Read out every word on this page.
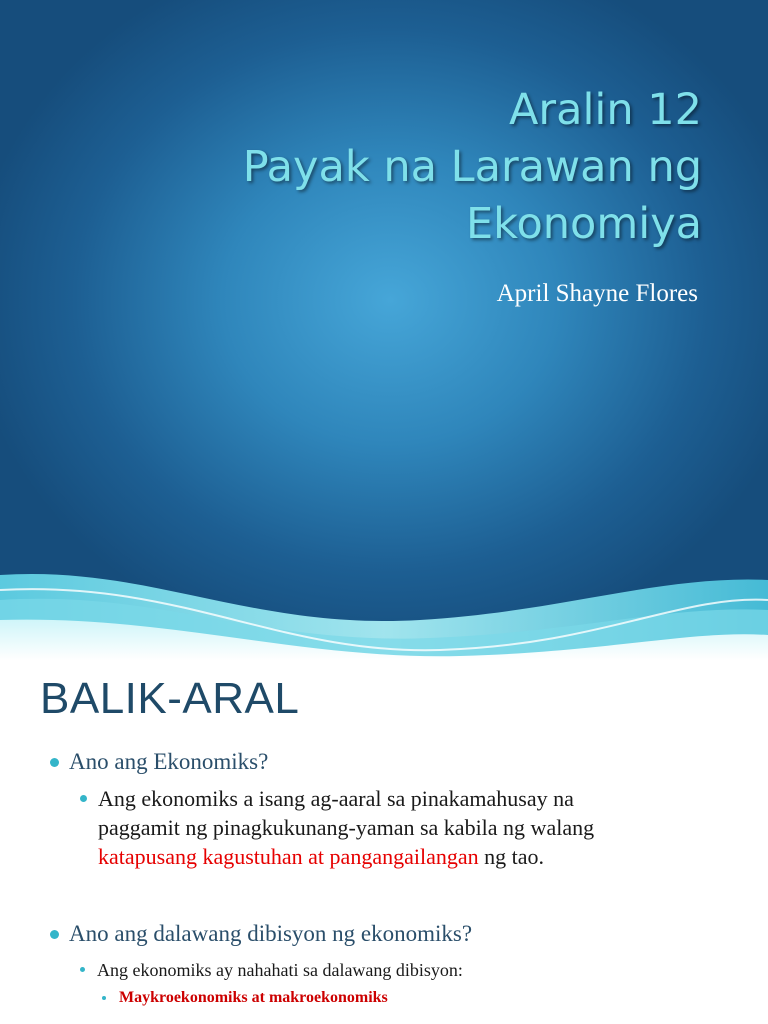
Aralin 12
Payak na Larawan ng
Ekonomiya
April Shayne Flores
BALIK-ARAL
Ano ang Ekonomiks?
Ang ekonomiks a isang ag-aaral sa pinakamahusay na
paggamit ng pinagkukunang-yaman sa kabila ng walang
katapusang kagustuhan at pangangailangan ng tao.
Ano ang dalawang dibisyon ng ekonomiks?
Ang ekonomiks ay nahahati sa dalawang dibisyon:
Maykroekonomiks at makroekonomiks
